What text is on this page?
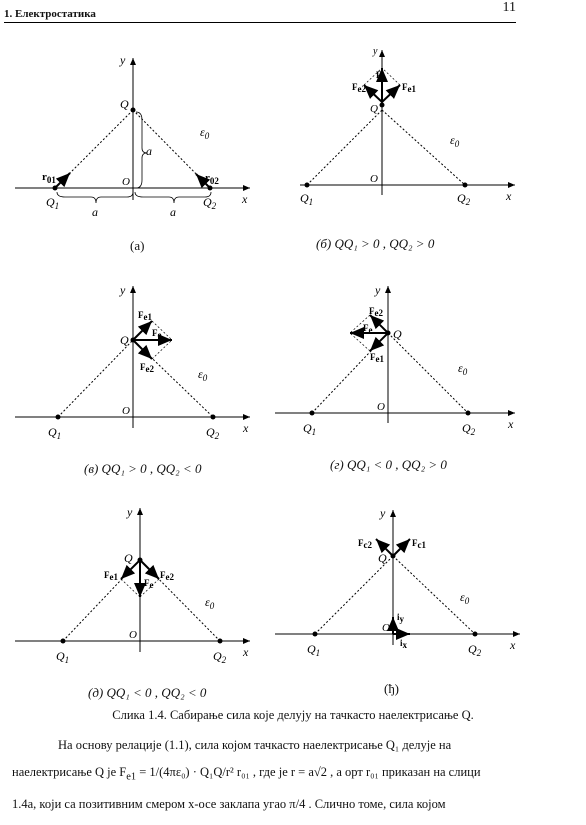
1. Електростатика	11
y
x
Q
O
a
a	a
$Q_1$	$Q_2$
$r_{01}$	$r_{02}$
$\varepsilon_0$
(а)
y
x
Q
O
$Q_1$	$Q_2$
Fe2	Fe1
Fe
$\varepsilon_0$
(б) QQ₁ > 0 , QQ₂ > 0
y
x
Q
O
$Q_1$	$Q_2$
Fe1
Fe2
Fe
$\varepsilon_0$
(в) QQ₁ > 0 , QQ₂ < 0
y
x
Q
O
$Q_1$	$Q_2$
Fe2
Fe1
Fe
$\varepsilon_0$
(г) QQ₁ < 0 , QQ₂ > 0
y
x
Q
O
$Q_1$	$Q_2$
Fe1	Fe2
Fe
$\varepsilon_0$
(д) QQ₁ < 0 , QQ₂ < 0
y
x
Q
O
$Q_1$	$Q_2$
Fc2	Fc1
iy
ix
$\varepsilon_0$
(ђ)
Слика 1.4. Сабирање сила које делују на тачкасто наелектрисање Q.

На основу релације (1.1), сила којом тачкасто наелектрисање Q₁ делује на

наелектрисање Q је $F_{e1} = 1/(4\pi\varepsilon_0) \cdot Q_1Q/r^2$ r₀₁ , где је r = a√2 , а орт r₀₁ приказан на слици

1.4а, који са позитивним смером x-осе заклапа угао π/4 . Слично томе, сила којом
